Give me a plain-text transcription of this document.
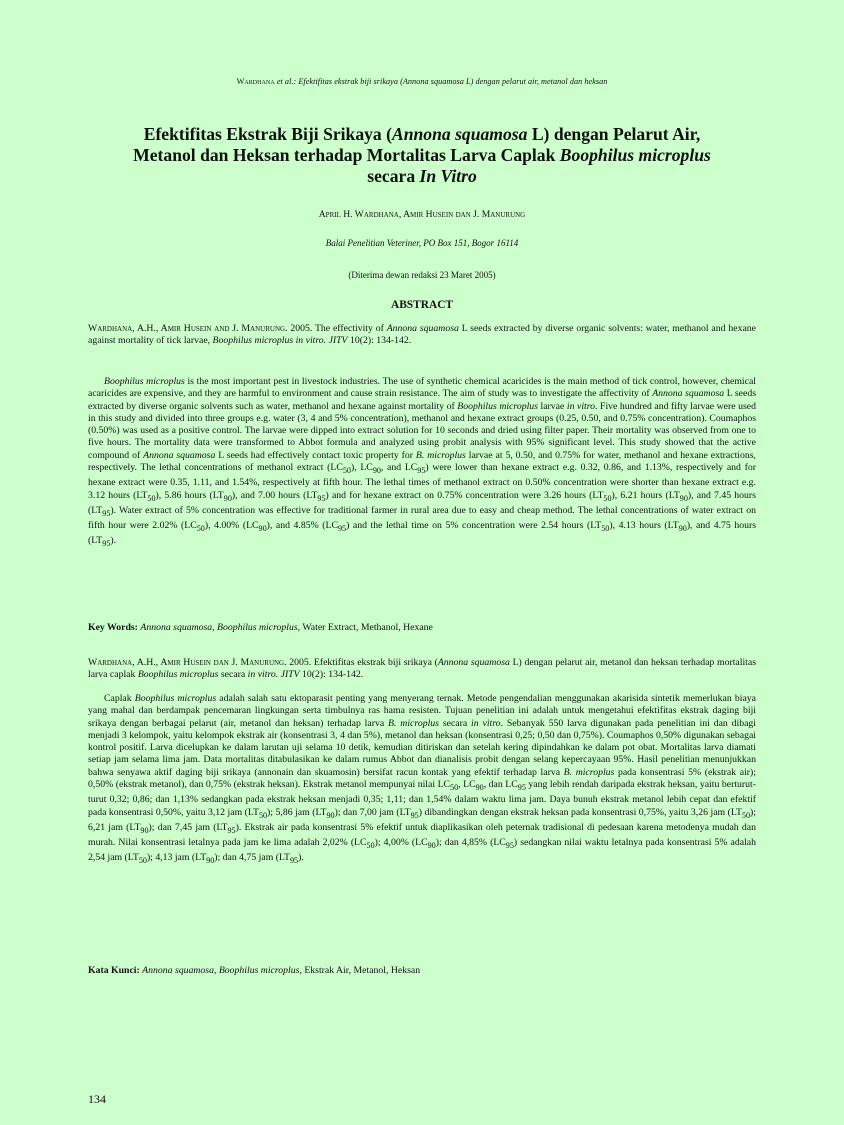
Wardhana et al.: Efektifitas ekstrak biji srikaya (Annona squamosa L) dengan pelarut air, metanol dan heksan
Efektifitas Ekstrak Biji Srikaya (Annona squamosa L) dengan Pelarut Air,
Metanol dan Heksan terhadap Mortalitas Larva Caplak Boophilus microplus
secara In Vitro
April H. Wardhana, Amir Husein dan J. Manurung
Balai Penelitian Veteriner, PO Box 151, Bogor 16114
(Diterima dewan redaksi 23 Maret 2005)
ABSTRACT

Wardhana, A.H., Amir Husein and J. Manurung. 2005. The effectivity of Annona squamosa L seeds extracted by diverse organic solvents: water, methanol and hexane against mortality of tick larvae, Boophilus microplus in vitro. JITV 10(2): 134-142.

Boophilus microplus is the most important pest in livestock industries. The use of synthetic chemical acaricides is the main method of tick control, however, chemical acaricides are expensive, and they are harmful to environment and cause strain resistance. The aim of study was to investigate the affectivity of Annona squamosa L seeds extracted by diverse organic solvents such as water, methanol and hexane against mortality of Boophilus microplus larvae in vitro. Five hundred and fifty larvae were used in this study and divided into three groups e.g. water (3, 4 and 5% concentration), methanol and hexane extract groups (0.25, 0.50, and 0.75% concentration). Coumaphos (0.50%) was used as a positive control. The larvae were dipped into extract solution for 10 seconds and dried using filter paper. Their mortality was observed from one to five hours. The mortality data were transformed to Abbot formula and analyzed using probit analysis with 95% significant level. This study showed that the active compound of Annona squamosa L seeds had effectively contact toxic property for B. microplus larvae at 5, 0.50, and 0.75% for water, methanol and hexane extractions, respectively. The lethal concentrations of methanol extract $(LC_{50})$, $LC_{90}$, and $LC_{95}$) were lower than hexane extract e.g. 0.32, 0.86, and 1.13%, respectively and for hexane extract were 0.35, 1.11, and 1.54%, respectively at fifth hour. The lethal times of methanol extract on 0.50% concentration were shorter than hexane extract e.g. 3.12 hours $(LT_{50})$, 5.86 hours $(LT_{90})$, and 7.00 hours $(LT_{95})$ and for hexane extract on 0.75% concentration were 3.26 hours $(LT_{50})$, 6.21 hours $(LT_{90})$, and 7.45 hours $(LT_{95})$. Water extract of 5% concentration was effective for traditional farmer in rural area due to easy and cheap method. The lethal concentrations of water extract on fifth hour were 2.02% $(LC_{50})$, 4.00% $(LC_{90})$, and 4.85% $(LC_{95})$ and the lethal time on 5% concentration were 2.54 hours $(LT_{50})$, 4.13 hours $(LT_{90})$, and 4.75 hours $(LT_{95})$.

Key Words: Annona squamosa, Boophilus microplus, Water Extract, Methanol, Hexane

Wardhana, A.H., Amir Husein dan J. Manurung. 2005. Efektifitas ekstrak biji srikaya (Annona squamosa L) dengan pelarut air, metanol dan heksan terhadap mortalitas larva caplak Boophilus microplus secara in vitro. JITV 10(2): 134-142.

Caplak Boophilus microplus adalah salah satu ektoparasit penting yang menyerang ternak. Metode pengendalian menggunakan akarisida sintetik memerlukan biaya yang mahal dan berdampak pencemaran lingkungan serta timbulnya ras hama resisten. Tujuan penelitian ini adalah untuk mengetahui efektifitas ekstrak daging biji srikaya dengan berbagai pelarut (air, metanol dan heksan) terhadap larva B. microplus secara in vitro. Sebanyak 550 larva digunakan pada penelitian ini dan dibagi menjadi 3 kelompok, yaitu kelompok ekstrak air (konsentrasi 3, 4 dan 5%), metanol dan heksan (konsentrasi 0,25; 0,50 dan 0,75%). Coumaphos 0,50% digunakan sebagai kontrol positif. Larva dicelupkan ke dalam larutan uji selama 10 detik, kemudian ditiriskan dan setelah kering dipindahkan ke dalam pot obat. Mortalitas larva diamati setiap jam selama lima jam. Data mortalitas ditabulasikan ke dalam rumus Abbot dan dianalisis probit dengan selang kepercayaan 95%. Hasil penelitian menunjukkan bahwa senyawa aktif daging biji srikaya (annonain dan skuamosin) bersifat racun kontak yang efektif terhadap larva B. microplus pada konsentrasi 5% (ekstrak air); 0,50% (ekstrak metanol), dan 0,75% (ekstrak heksan). Ekstrak metanol mempunyai nilai $LC_{50}$, $LC_{90}$, dan $LC_{95}$ yang lebih rendah daripada ekstrak heksan, yaitu berturut-turut 0,32; 0,86; dan 1,13% sedangkan pada ekstrak heksan menjadi 0,35; 1,11; dan 1,54% dalam waktu lima jam. Daya bunuh ekstrak metanol lebih cepat dan efektif pada konsentrasi 0,50%, yaitu 3,12 jam $(LT_{50})$; 5,86 jam $(LT_{90})$; dan 7,00 jam $(LT_{95})$ dibandingkan dengan ekstrak heksan pada konsentrasi 0,75%, yaitu 3,26 jam $(LT_{50})$; 6,21 jam $(LT_{90})$; dan 7,45 jam $(LT_{95})$. Ekstrak air pada konsentrasi 5% efektif untuk diaplikasikan oleh peternak tradisional di pedesaan karena metodenya mudah dan murah. Nilai konsentrasi letalnya pada jam ke lima adalah 2,02% $(LC_{50})$; 4,00% $(LC_{90})$; dan 4,85% $(LC_{95})$ sedangkan nilai waktu letalnya pada konsentrasi 5% adalah 2,54 jam $(LT_{50})$; 4,13 jam $(LT_{90})$; dan 4,75 jam $(LT_{95})$.

Kata Kunci: Annona squamosa, Boophilus microplus, Ekstrak Air, Metanol, Heksan

134
